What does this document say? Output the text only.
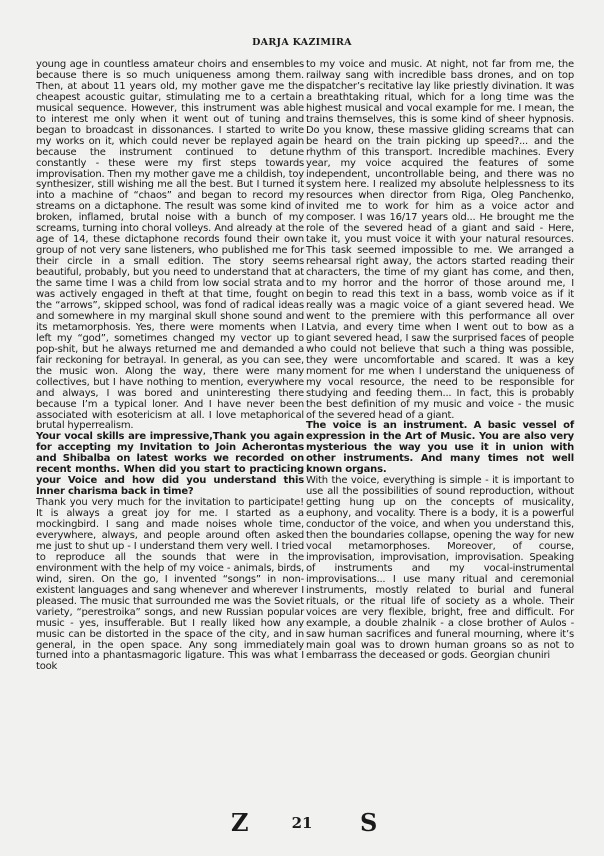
DARJA KAZIMIRA

young age in countless amateur choirs and ensembles because there is so much uniqueness among them. Then, at about 11 years old, my mother gave me the cheapest acoustic guitar, stimulating me to a certain musical sequence. However, this instrument was able to interest me only when it went out of tuning and began to broadcast in dissonances. I started to write my works on it, which could never be replayed again because the instrument continued to detune constantly - these were my first steps towards improvisation. Then my mother gave me a childish, toy synthesizer, still wishing me all the best. But I turned it into a machine of “chaos” and began to record my streams on a dictaphone. The result was some kind of broken, inflamed, brutal noise with a bunch of my screams, turning into choral volleys. And already at the age of 14, these dictaphone records found their own group of not very sane listeners, who published me for their circle in a small edition. The story seems beautiful, probably, but you need to understand that at the same time I was a child from low social strata and was actively engaged in theft at that time, fought on the “arrows”, skipped school, was fond of radical ideas and somewhere in my marginal skull shone sound and its metamorphosis. Yes, there were moments when I left my “god”, sometimes changed my vector up to pop-shit, but he always returned me and demanded a fair reckoning for betrayal. In general, as you can see, the music won. Along the way, there were many collectives, but I have nothing to mention, everywhere and always, I was bored and uninteresting there because I’m a typical loner. And I have never been associated with esotericism at all. I love metaphorical brutal hyperrealism.

Your vocal skills are impressive,Thank you again for accepting my Invitation to Join Acherontas and Shibalba on latest works we recorded on recent months. When did you start to practicing your Voice and how did you understand this Inner charisma back in time?

Thank you very much for the invitation to participate! It is always a great joy for me. I started as a mockingbird. I sang and made noises whole time, everywhere, always, and people around often asked me just to shut up - I understand them very well. I tried to reproduce all the sounds that were in the environment with the help of my voice - animals, birds, wind, siren. On the go, I invented “songs” in non-existent languages and sang whenever and wherever I pleased. The music that surrounded me was the Soviet variety, “perestroika” songs, and new Russian popular music - yes, insufferable. But I really liked how any music can be distorted in the space of the city, and in general, in the open space. Any song immediately turned into a phantasmagoric ligature. This was what I took

to my voice and music. At night, not far from me, the railway sang with incredible bass drones, and on top dispatcher’s recitative lay like priestly divination. It was a breathtaking ritual, which for a long time was the highest musical and vocal example for me. I mean, the trains themselves, this is some kind of sheer hypnosis. Do you know, these massive gliding screams that can be heard on the train picking up speed?... and the rhythm of this transport. Incredible machines. Every year, my voice acquired the features of some independent, uncontrollable being, and there was no system here. I realized my absolute helplessness to its resources when director from Riga, Oleg Panchenko, invited me to work for him as a voice actor and composer. I was 16/17 years old... He brought me the role of the severed head of a giant and said - Here, take it, you must voice it with your natural resources. This task seemed impossible to me. We arranged a rehearsal right away, the actors started reading their characters, the time of my giant has come, and then, to my horror and the horror of those around me, I begin to read this text in a bass, womb voice as if it really was a magic voice of a giant severed head. We went to the premiere with this performance all over Latvia, and every time when I went out to bow as a giant severed head, I saw the surprised faces of people who could not believe that such a thing was possible, they were uncomfortable and scared. It was a key moment for me when I understand the uniqueness of my vocal resource, the need to be responsible for studying and feeding them... In fact, this is probably the best definition of my music and voice - the music of the severed head of a giant.

The voice is an instrument. A basic vessel of expression in the Art of Music. You are also very mysterious the way you use it in union with other instruments. And many times not well known organs.

With the voice, everything is simple - it is important to use all the possibilities of sound reproduction, without getting hung up on the concepts of musicality, euphony, and vocality. There is a body, it is a powerful conductor of the voice, and when you understand this, then the boundaries collapse, opening the way for new vocal metamorphoses. Moreover, of course, improvisation, improvisation, improvisation. Speaking of instruments and my vocal-instrumental improvisations... I use many ritual and ceremonial instruments, mostly related to burial and funeral rituals, or the ritual life of society as a whole. Their voices are very flexible, bright, free and difficult. For example, a double zhalnik - a close brother of Aulos - saw human sacrifices and funeral mourning, where it’s main goal was to drown human groans so as not to embarrass the deceased or gods. Georgian chuniri

Z	21 S
